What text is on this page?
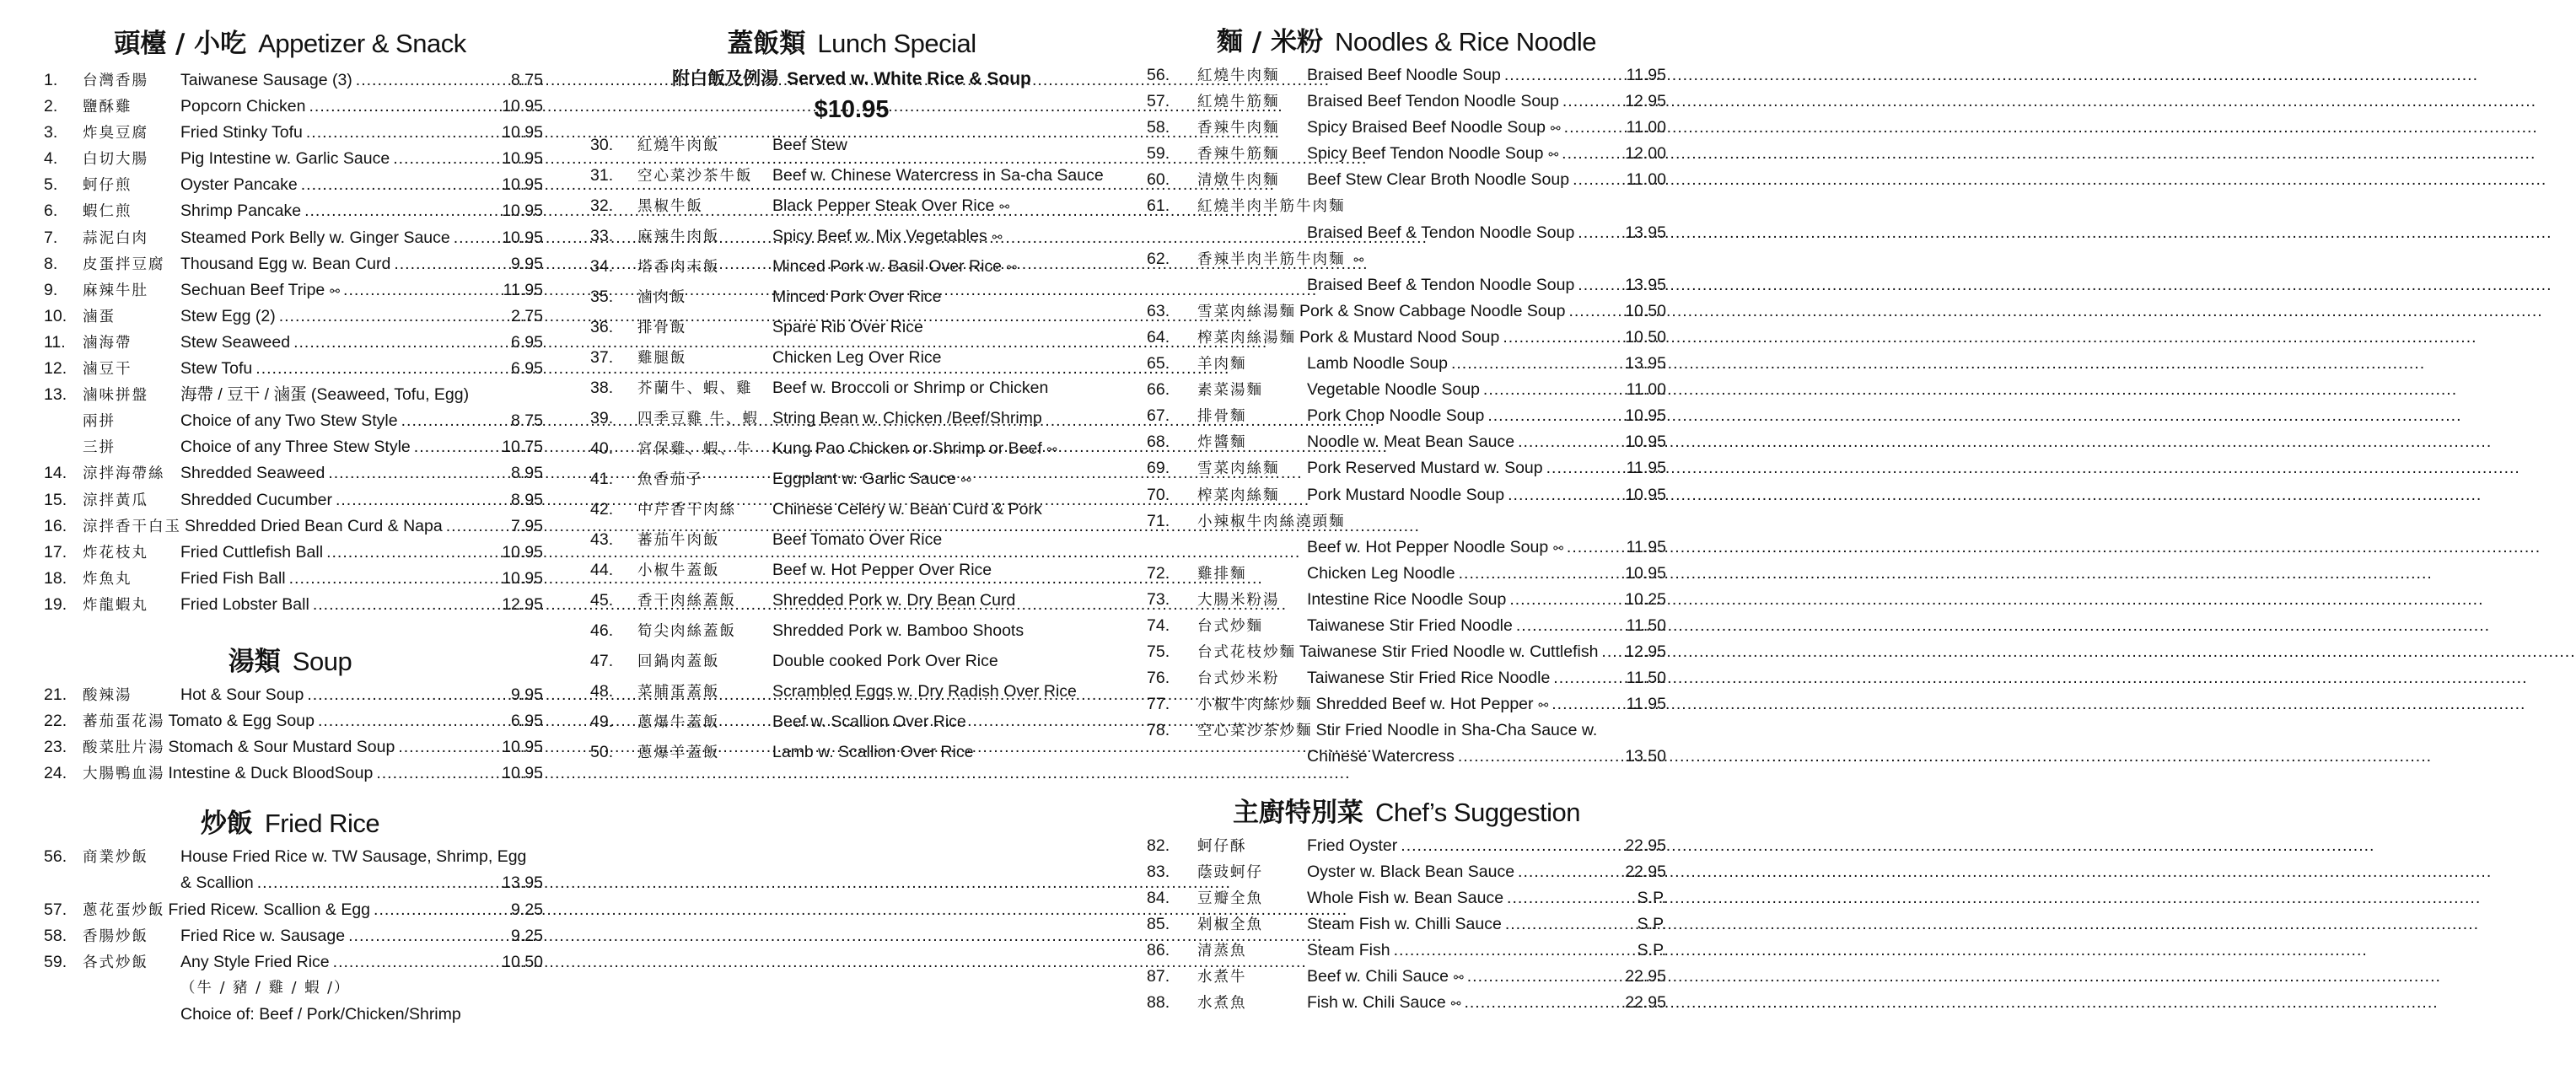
頭檯 / 小吃 Appetizer & Snack
1.	台灣香腸	Taiwanese Sausage (3) .....	8.75
2.	鹽酥雞	Popcorn Chicken .....	10.95
3.	炸臭豆腐	Fried Stinky Tofu .....	10.95
4.	白切大腸	Pig Intestine w. Garlic Sauce .....	10.95
5.	蚵仔煎	Oyster Pancake .....	10.95
6.	蝦仁煎	Shrimp Pancake .....	10.95
7.	蒜泥白肉	Steamed Pork Belly w. Ginger Sauce .....	10.95
8.	皮蛋拌豆腐 Thousand Egg w. Bean Curd .....	9.95
9.	麻辣牛肚	Sechuan Beef Tripe ⚯ .....	11.95
10.	滷蛋	Stew Egg (2) .....	2.75
11.	滷海帶	Stew Seaweed .....	6.95
12.	滷豆干	Stew Tofu .....	6.95
13.	滷味拼盤	海帶 / 豆干 / 滷蛋 (Seaweed, Tofu, Egg)
兩拼	Choice of any Two Stew Style .....	8.75
三拼	Choice of any Three Stew Style .....	10.75
14.	涼拌海帶絲 Shredded Seaweed .....	8.95
15.	涼拌黃瓜	Shredded Cucumber .....	8.95
16.	涼拌香干白玉 Shredded Dried Bean Curd & Napa .....	7.95
17.	炸花枝丸	Fried Cuttlefish Ball .....	10.95
18.	炸魚丸	Fried Fish Ball .....	10.95
19.	炸龍蝦丸	Fried Lobster Ball .....	12.95
湯類 Soup
21.	酸辣湯	Hot & Sour Soup .....	9.95
22.	蕃茄蛋花湯 Tomato & Egg Soup .....	6.95
23.	酸菜肚片湯 Stomach & Sour Mustard Soup .....	10.95
24.	大腸鴨血湯 Intestine & Duck BloodSoup .....	10.95
炒飯 Fried Rice
56.	商業炒飯	House Fried Rice w. TW Sausage, Shrimp, Egg
& Scallion .....	13.95
57.	蔥花蛋炒飯 Fried Ricew. Scallion & Egg .....	9.25
58.	香腸炒飯	Fried Rice w. Sausage .....	9.25
59.	各式炒飯	Any Style Fried Rice .....	10.50
（牛 / 豬 / 雞 / 蝦 /）
Choice of: Beef / Pork/Chicken/Shrimp
蓋飯類 Lunch Special
附白飯及例湯 Served w. White Rice & Soup
$10.95
30.	紅燒牛肉飯	Beef Stew
31.	空心菜沙茶牛飯	Beef w. Chinese Watercress in Sa-cha Sauce
32.	黑椒牛飯	Black Pepper Steak Over Rice ⚯
33.	麻辣牛肉飯	Spicy Beef w. Mix Vegetables ⚯
34.	塔香肉末飯	Minced Pork w. Basil Over Rice ⚯
35.	滷肉飯	Minced Pork Over Rice
36.	排骨飯	Spare Rib Over Rice
37.	雞腿飯	Chicken Leg Over Rice
38.	芥蘭牛、蝦、雞	Beef w. Broccoli or Shrimp or Chicken
39.	四季豆雞 牛、蝦 String Bean w. Chicken /Beef/Shrimp
40.	宮保雞、蝦、牛	Kung Pao Chicken or Shrimp or Beef ⚯
41.	魚香茄子	Eggplant w. Garlic Sauce ⚯
42.	中芹香干肉絲	Chinese Celery w. Bean Curd & Pork
43.	蕃茄牛肉飯	Beef Tomato Over Rice
44.	小椒牛蓋飯	Beef w. Hot Pepper Over Rice
45.	香干肉絲蓋飯	Shredded Pork w. Dry Bean Curd
46.	筍尖肉絲蓋飯	Shredded Pork w. Bamboo Shoots
47.	回鍋肉蓋飯	Double cooked Pork Over Rice
48.	菜脯蛋蓋飯	Scrambled Eggs w. Dry Radish Over Rice
49.	蔥爆牛蓋飯	Beef w. Scallion Over Rice
50.	蔥爆羊蓋飯	Lamb w. Scallion Over Rice
麵 / 米粉 Noodles & Rice Noodle
56.	紅燒牛肉麵	Braised Beef Noodle Soup .....	11.95
57.	紅燒牛筋麵	Braised Beef Tendon Noodle Soup .....	12.95
58.	香辣牛肉麵	Spicy Braised Beef Noodle Soup ⚯ .....	11.00
59.	香辣牛筋麵	Spicy Beef Tendon Noodle Soup ⚯ .....	12.00
60.	清燉牛肉麵	Beef Stew Clear Broth Noodle Soup .....	11.00
61.	紅燒半肉半筋牛肉麵
Braised Beef & Tendon Noodle Soup .....	13.95
62.	香辣半肉半筋牛肉麵 ⚯
Braised Beef & Tendon Noodle Soup .....	13.95
63.	雪菜肉絲湯麵 Pork & Snow Cabbage Noodle Soup .....	10.50
64.	榨菜肉絲湯麵 Pork & Mustard Nood Soup .....	10.50
65.	羊肉麵	Lamb Noodle Soup .....	13.95
66.	素菜湯麵	Vegetable Noodle Soup .....	11.00
67.	排骨麵	Pork Chop Noodle Soup .....	10.95
68.	炸醬麵	Noodle w. Meat Bean Sauce .....	10.95
69.	雪菜肉絲麵	Pork Reserved Mustard w. Soup .....	11.95
70.	榨菜肉絲麵	Pork Mustard Noodle Soup .....	10.95
71.	小辣椒牛肉絲澆頭麵
Beef w. Hot Pepper Noodle Soup ⚯ .....	11.95
72.	雞排麵	Chicken Leg Noodle .....	10.95
73.	大腸米粉湯	Intestine Rice Noodle Soup .....	10.25
74.	台式炒麵	Taiwanese Stir Fried Noodle .....	11.50
75.	台式花枝炒麵 Taiwanese Stir Fried Noodle w. Cuttlefish ..... 12.95
76.	台式炒米粉	Taiwanese Stir Fried Rice Noodle .....	11.50
77.	小椒牛肉絲炒麵 Shredded Beef w. Hot Pepper ⚯ .....	11.95
78.	空心菜沙茶炒麵 Stir Fried Noodle in Sha-Cha Sauce w.
Chinese Watercress .....	13.50
主廚特別菜 Chef’s Suggestion
82.	蚵仔酥	Fried Oyster .....	22.95
83.	蔭豉蚵仔	Oyster w. Black Bean Sauce .....	22.95
84.	豆瓣全魚	Whole Fish w. Bean Sauce .....	S.P.
85.	剁椒全魚	Steam Fish w. Chilli Sauce .....	S.P.
86.	清蒸魚	Steam Fish .....	S.P.
87.	水煮牛	Beef w. Chili Sauce ⚯ .....	22.95
88.	水煮魚	Fish w. Chili Sauce ⚯ .....	22.95
